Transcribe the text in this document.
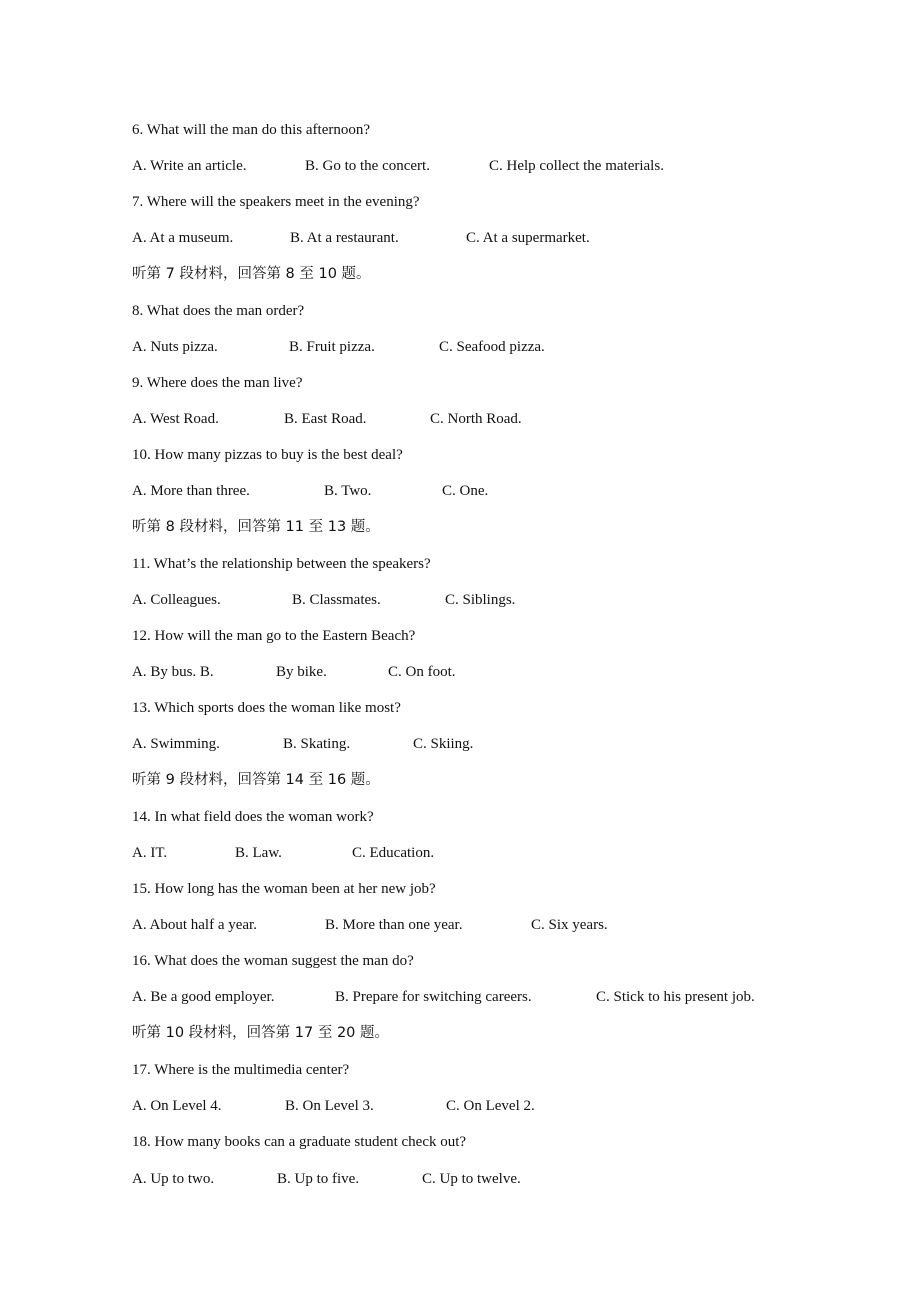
6. What will the man do this afternoon?
A. Write an article.	B. Go to the concert.	C. Help collect the materials.
7. Where will the speakers meet in the evening?
A. At a museum.	B. At a restaurant.	C. At a supermarket.
听第 7 段材料，回答第 8 至 10 题。
8. What does the man order?
A. Nuts pizza.	B. Fruit pizza.	C. Seafood pizza.
9. Where does the man live?
A. West Road.	B. East Road.	C. North Road.
10. How many pizzas to buy is the best deal?
A. More than three.	B. Two.	C. One.
听第 8 段材料，回答第 11 至 13 题。
11. What’s the relationship between the speakers?
A. Colleagues.	B. Classmates.	C. Siblings.
12. How will the man go to the Eastern Beach?
A. By bus. B.	By bike.	C. On foot.
13. Which sports does the woman like most?
A. Swimming.	B. Skating.	C. Skiing.
听第 9 段材料，回答第 14 至 16 题。
14. In what field does the woman work?
A. IT.	B. Law.	C. Education.
15. How long has the woman been at her new job?
A. About half a year.	B. More than one year.	C. Six years.
16. What does the woman suggest the man do?
A. Be a good employer.	B. Prepare for switching careers.	C. Stick to his present job.
听第 10 段材料，回答第 17 至 20 题。
17. Where is the multimedia center?
A. On Level 4.	B. On Level 3.	C. On Level 2.
18. How many books can a graduate student check out?
A. Up to two.	B. Up to five.	C. Up to twelve.
